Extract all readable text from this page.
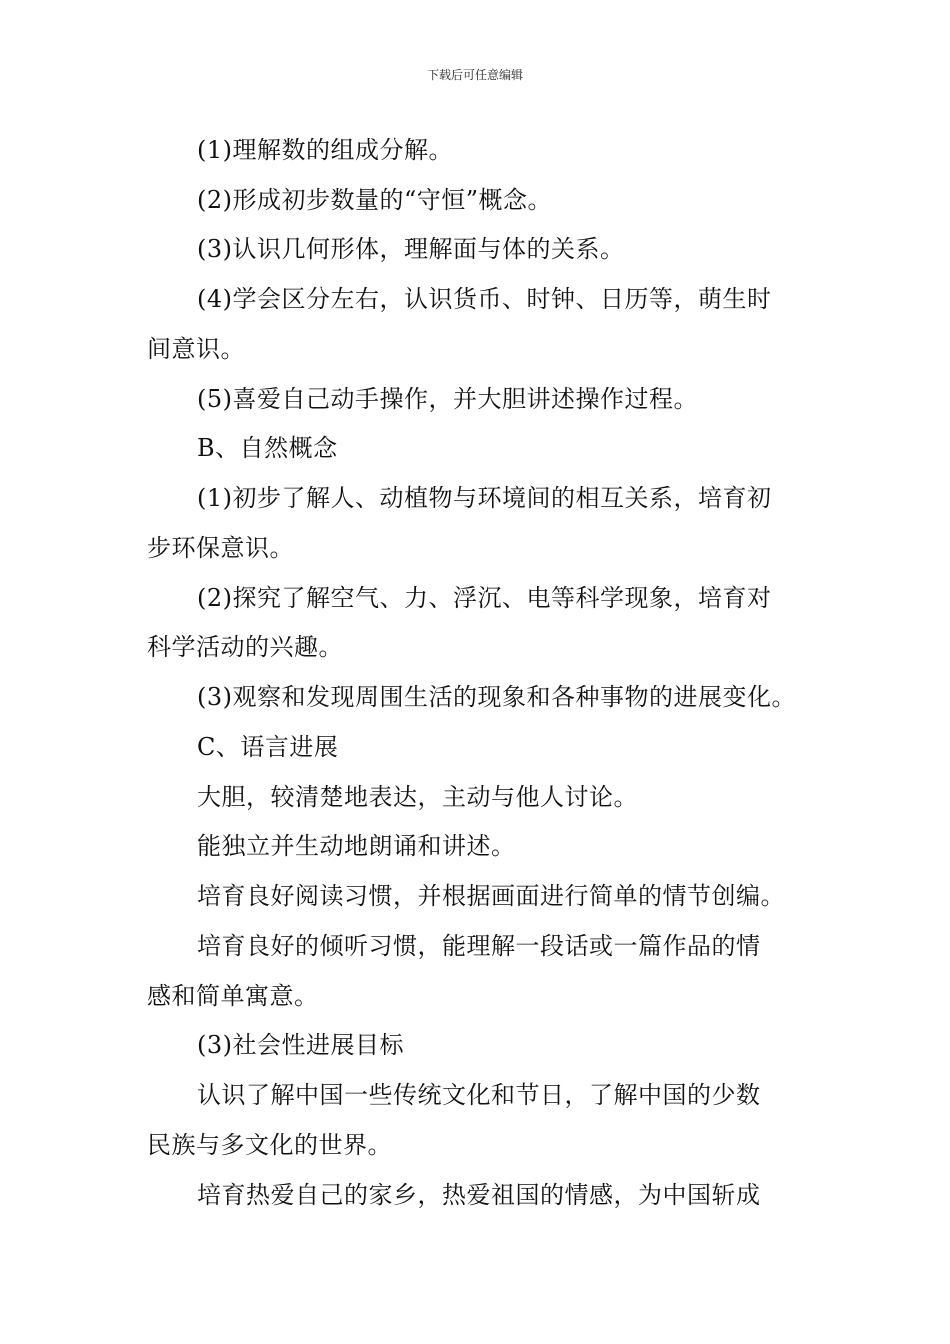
下载后可任意编辑
(1)理解数的组成分解。
(2)形成初步数量的“守恒”概念。
(3)认识几何形体，理解面与体的关系。
(4)学会区分左右，认识货币、时钟、日历等，萌生时
间意识。
(5)喜爱自己动手操作，并大胆讲述操作过程。
B、自然概念
(1)初步了解人、动植物与环境间的相互关系，培育初
步环保意识。
(2)探究了解空气、力、浮沉、电等科学现象，培育对
科学活动的兴趣。
(3)观察和发现周围生活的现象和各种事物的进展变化。
C、语言进展
大胆，较清楚地表达，主动与他人讨论。
能独立并生动地朗诵和讲述。
培育良好阅读习惯，并根据画面进行简单的情节创编。
培育良好的倾听习惯，能理解一段话或一篇作品的情
感和简单寓意。
(3)社会性进展目标
认识了解中国一些传统文化和节日，了解中国的少数
民族与多文化的世界。
培育热爱自己的家乡，热爱祖国的情感，为中国斩成
